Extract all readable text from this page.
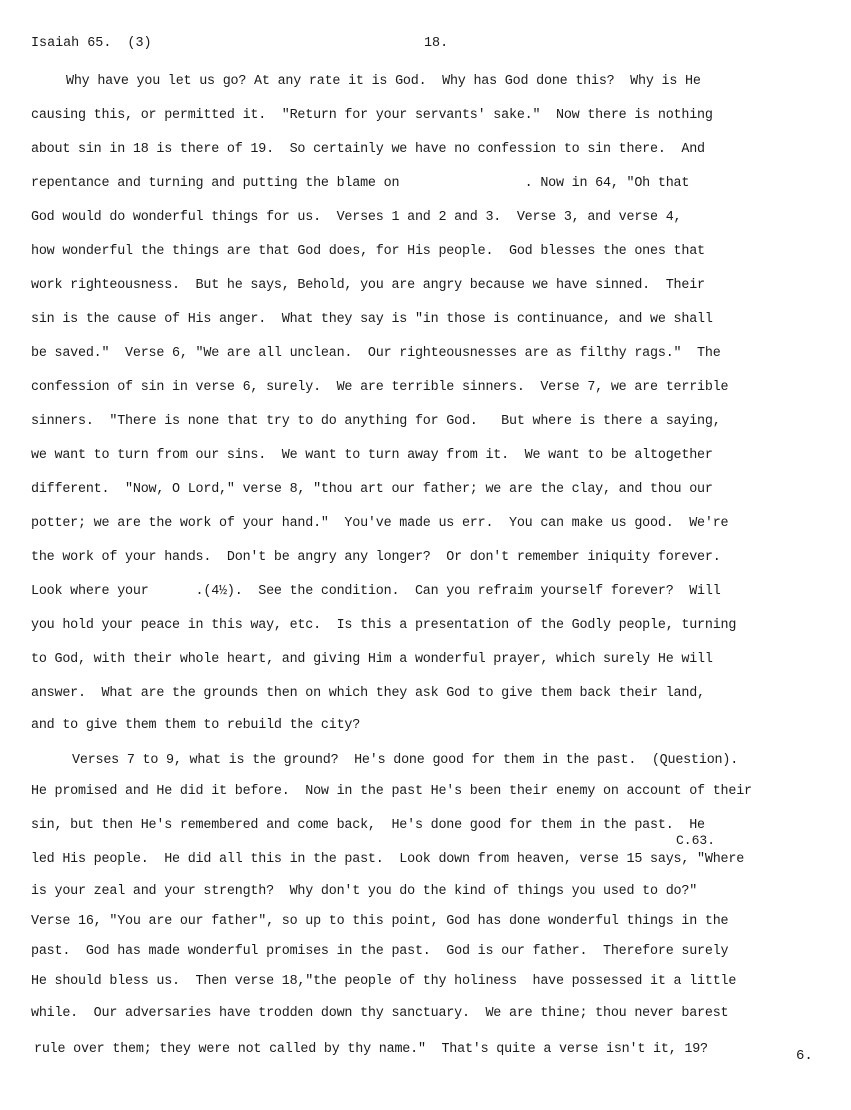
Isaiah 65.  (3)	18.
Why have you let us go? At any rate it is God.  Why has God done this?  Why is He
causing this, or permitted it.  "Return for your servants' sake."  Now there is nothing
about sin in 18 is there of 19.  So certainly we have no confession to sin there.  And
repentance and turning and putting the blame on                . Now in 64, "Oh that
God would do wonderful things for us.  Verses 1 and 2 and 3.  Verse 3, and verse 4,
how wonderful the things are that God does, for His people.  God blesses the ones that
work righteousness.  But he says, Behold, you are angry because we have sinned.  Their
sin is the cause of His anger.  What they say is "in those is continuance, and we shall
be saved."  Verse 6, "We are all unclean.  Our righteousnesses are as filthy rags."  The
confession of sin in verse 6, surely.  We are terrible sinners.  Verse 7, we are terrible
sinners.  "There is none that try to do anything for God.   But where is there a saying,
we want to turn from our sins.  We want to turn away from it.  We want to be altogether
different.  "Now, O Lord," verse 8, "thou art our father; we are the clay, and thou our
potter; we are the work of your hand."  You've made us err.  You can make us good.  We're
the work of your hands.  Don't be angry any longer?  Or don't remember iniquity forever.
Look where your      .(4½).  See the condition.  Can you refraim yourself forever?  Will
you hold your peace in this way, etc.  Is this a presentation of the Godly people, turning
to God, with their whole heart, and giving Him a wonderful prayer, which surely He will
answer.  What are the grounds then on which they ask God to give them back their land,
and to give them them to rebuild the city?
Verses 7 to 9, what is the ground?  He's done good for them in the past.  (Question).
He promised and He did it before.  Now in the past He's been their enemy on account of their
sin, but then He's remembered and come back,  He's done good for them in the past.  He
C.63.
led His people.  He did all this in the past.  Look down from heaven, verse 15 says, "Where
is your zeal and your strength?  Why don't you do the kind of things you used to do?"
Verse 16, "You are our father", so up to this point, God has done wonderful things in the
past.  God has made wonderful promises in the past.  God is our father.  Therefore surely
He should bless us.  Then verse 18,"the people of thy holiness  have possessed it a little
while.  Our adversaries have trodden down thy sanctuary.  We are thine; thou never barest
rule over them; they were not called by thy name."  That's quite a verse isn't it, 19?	6.
